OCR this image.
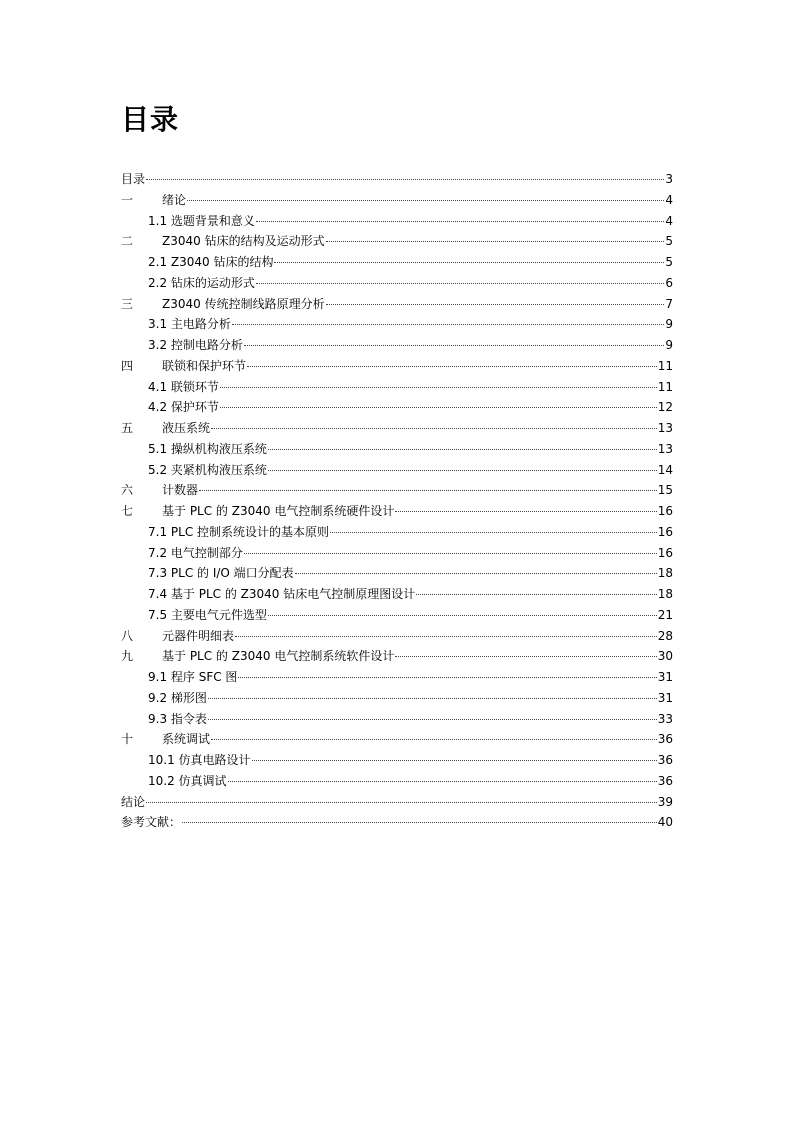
目录
目录	3
一	绪论	4
1.1 选题背景和意义	4
二	Z3040 钻床的结构及运动形式	5
2.1 Z3040 钻床的结构	5
2.2 钻床的运动形式	6
三	Z3040 传统控制线路原理分析	7
3.1 主电路分析	9
3.2 控制电路分析	9
四	联锁和保护环节	11
4.1 联锁环节	11
4.2 保护环节	12
五	液压系统	13
5.1 操纵机构液压系统	13
5.2 夹紧机构液压系统	14
六	计数器	15
七	基于 PLC 的 Z3040 电气控制系统硬件设计	16
7.1 PLC 控制系统设计的基本原则	16
7.2 电气控制部分	16
7.3 PLC 的 I/O 端口分配表	18
7.4 基于 PLC 的 Z3040 钻床电气控制原理图设计	18
7.5 主要电气元件选型	21
八	元器件明细表	28
九	基于 PLC 的 Z3040 电气控制系统软件设计	30
9.1 程序 SFC 图	31
9.2 梯形图	31
9.3 指令表	33
十	系统调试	36
10.1 仿真电路设计	36
10.2 仿真调试	36
结论	39
参考文献：	40
